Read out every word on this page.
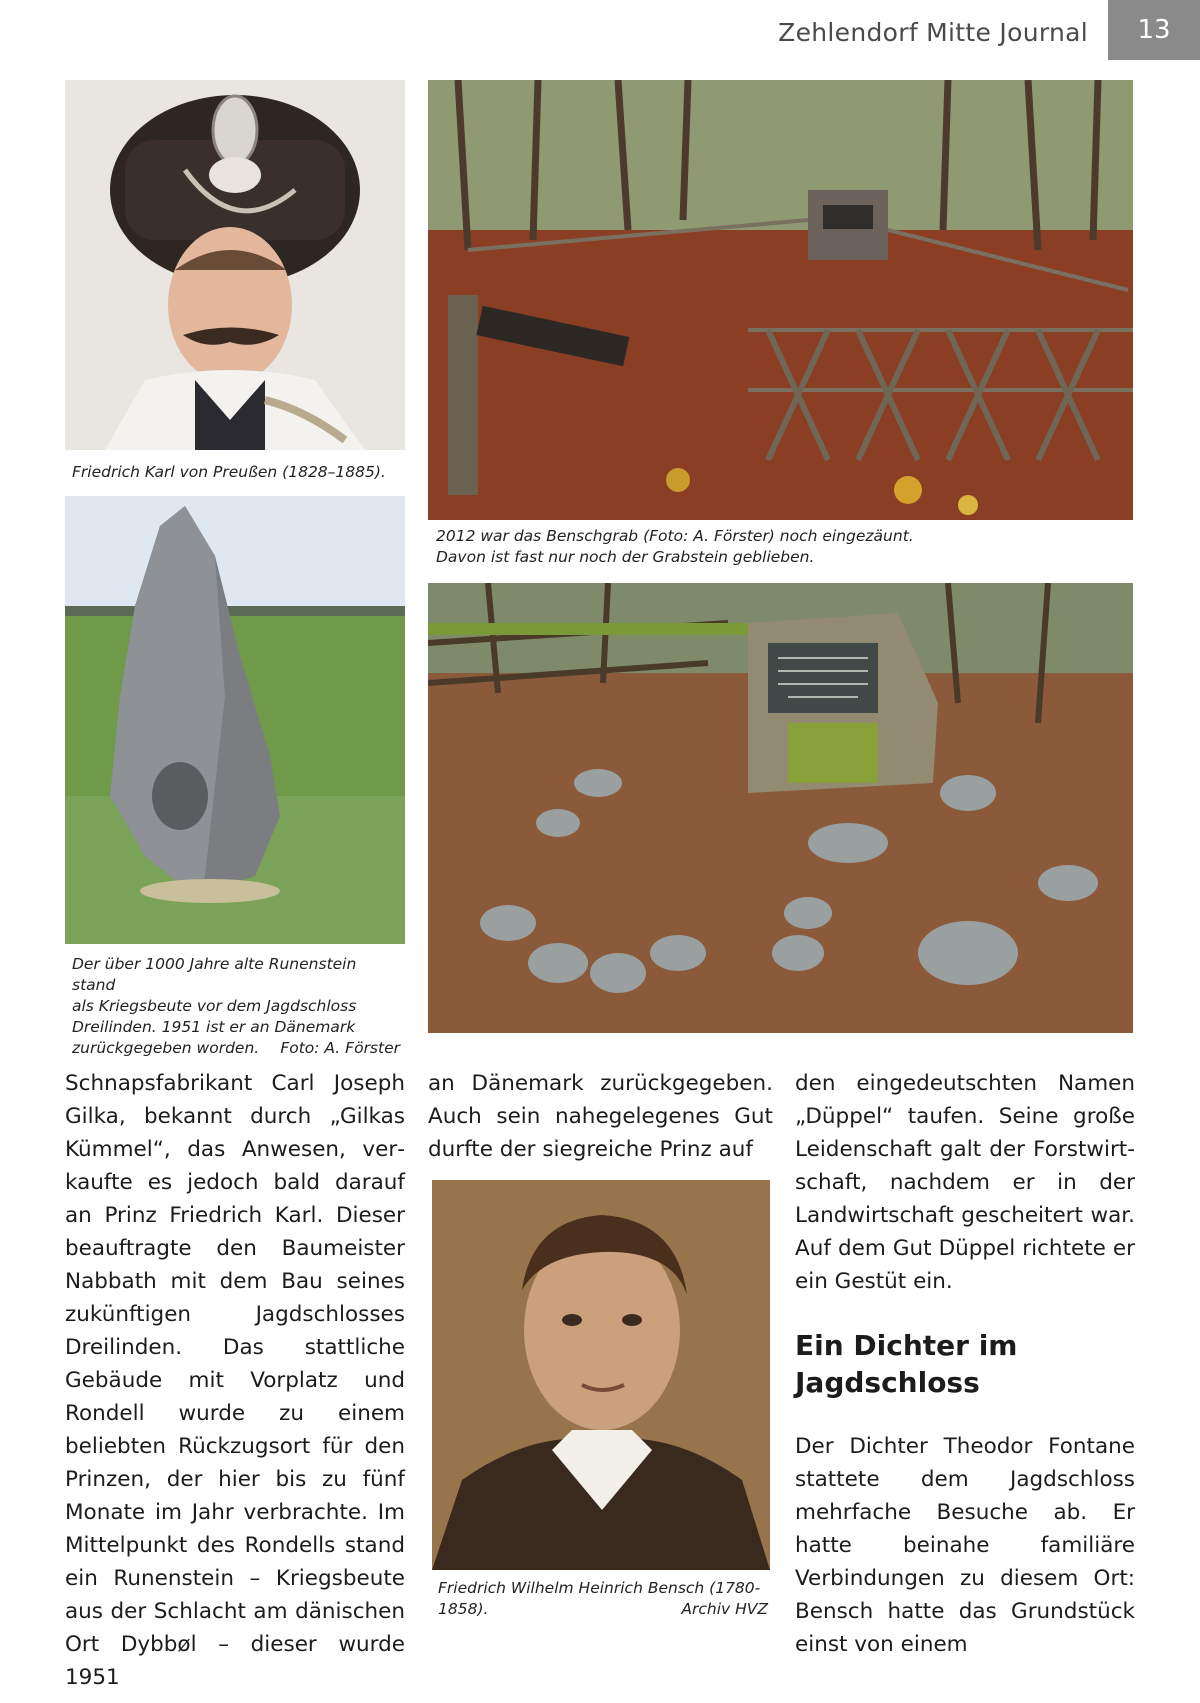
Zehlendorf Mitte Journal	13
Friedrich Karl von Preußen (1828–1885).
2012 war das Benschgrab (Foto: A. Förster) noch eingezäunt.
Davon ist fast nur noch der Grabstein geblieben.
Der über 1000 Jahre alte Runenstein stand
als Kriegsbeute vor dem Jagdschloss
Dreilinden. 1951 ist er an Dänemark
zurückgegeben worden. Foto: A. Förster

Schnapsfabrikant Carl Joseph Gilka, bekannt durch „Gilkas Kümmel“, das Anwesen, verkaufte es jedoch bald darauf an Prinz Friedrich Karl. Dieser beauftragte den Baumeister Nabbath mit dem Bau seines zukünftigen Jagdschlosses Dreilinden. Das stattliche Gebäude mit Vorplatz und Rondell wurde zu einem beliebten Rückzugsort für den Prinzen, der hier bis zu fünf Monate im Jahr verbrachte. Im Mittelpunkt des Rondells stand ein Runenstein – Kriegsbeute aus der Schlacht am dänischen Ort Dybbøl – dieser wurde 1951

an Dänemark zurückgegeben. Auch sein nahegelegenes Gut durfte der siegreiche Prinz auf

Friedrich Wilhelm Heinrich Bensch (1780-
1858).	Archiv HVZ

den eingedeutschten Namen „Düppel“ taufen. Seine große Leidenschaft galt der Forstwirtschaft, nachdem er in der Landwirtschaft gescheitert war. Auf dem Gut Düppel richtete er ein Gestüt ein.

Ein Dichter im
Jagdschloss

Der Dichter Theodor Fontane stattete dem Jagdschloss mehrfache Besuche ab. Er hatte beinahe familiäre Verbindungen zu diesem Ort: Bensch hatte das Grundstück einst von einem
